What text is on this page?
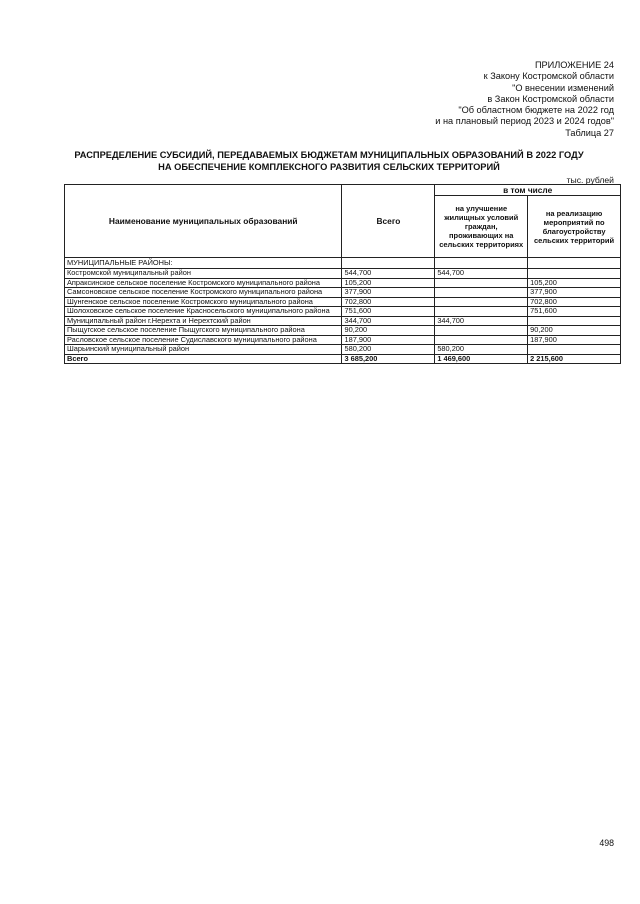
ПРИЛОЖЕНИЕ 24
к Закону Костромской области
"О внесении изменений
в Закон Костромской области
"Об областном бюджете на 2022 год
и на плановый период 2023 и 2024 годов"
Таблица 27
РАСПРЕДЕЛЕНИЕ СУБСИДИЙ, ПЕРЕДАВАЕМЫХ БЮДЖЕТАМ МУНИЦИПАЛЬНЫХ ОБРАЗОВАНИЙ В 2022 ГОДУ
НА ОБЕСПЕЧЕНИЕ КОМПЛЕКСНОГО РАЗВИТИЯ СЕЛЬСКИХ ТЕРРИТОРИЙ
тыс. рублей
Наименование муниципальных образований	Всего	в том числе	
		на улучшение жилищных условий граждан, проживающих на сельских территориях	на реализацию мероприятий по благоустройству сельских территорий
МУНИЦИПАЛЬНЫЕ РАЙОНЫ:			
Костромской муниципальный район	544,700	544,700	
Апраксинское сельское поселение Костромского муниципального района	105,200		105,200
Самсоновское сельское поселение Костромского муниципального района	377,900		377,900
Шунгенское сельское поселение Костромского муниципального района	702,800		702,800
Шолоховское сельское поселение Красносельского муниципального района	751,600		751,600
Муниципальный район г.Нерехта и Нерехтский район	344,700	344,700	
Пыщугское сельское поселение Пыщугского муниципального района	90,200		90,200
Расловское сельское поселение Судиславского муниципального района	187,900		187,900
Шарьинский муниципальный район	580,200	580,200	
Всего	3 685,200	1 469,600	2 215,600
498
